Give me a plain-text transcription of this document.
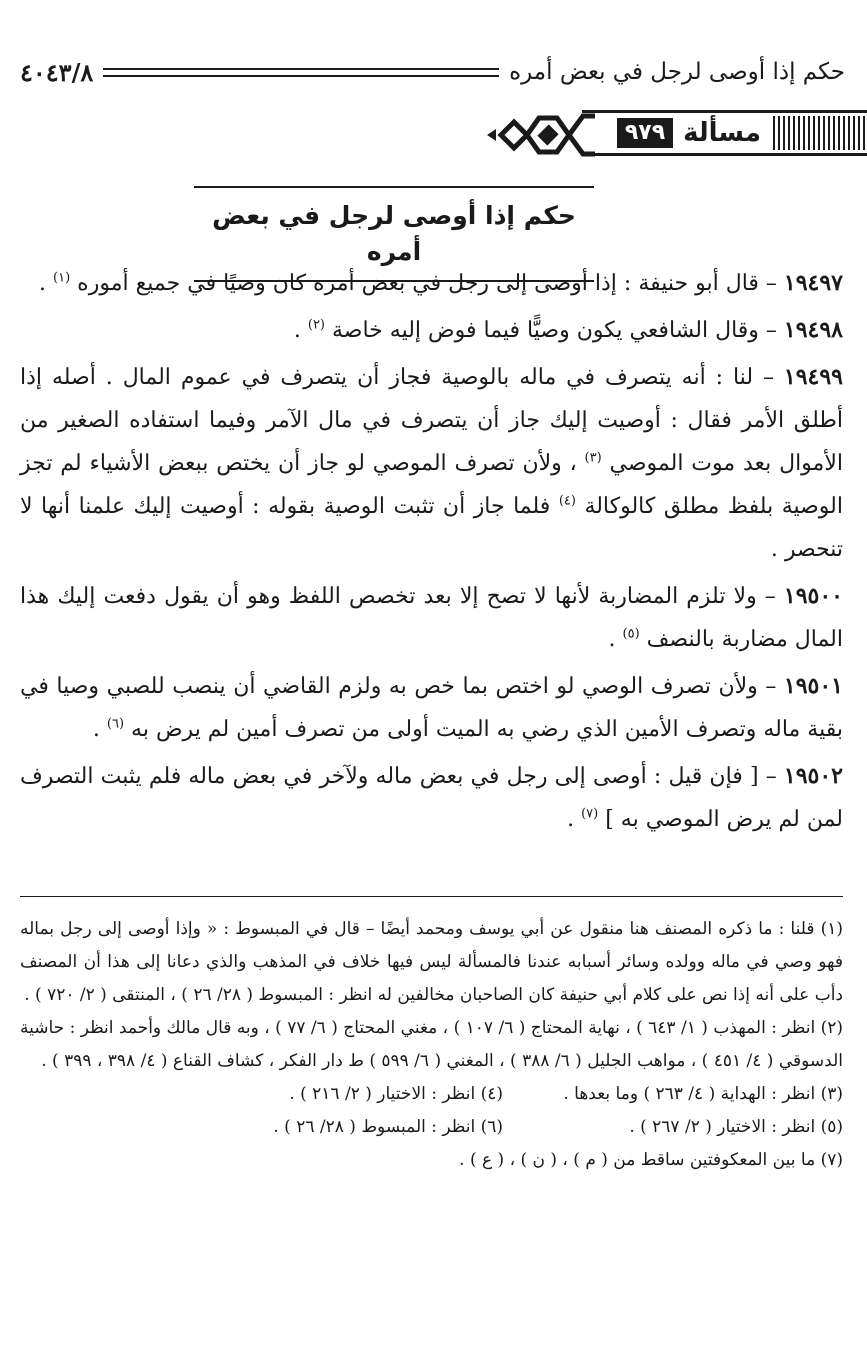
حكم إذا أوصى لرجل في بعض أمره
٤٠٤٣/٨
مسألة
٩٧٩
حكم إذا أوصى لرجل في بعض أمره

١٩٤٩٧ – قال أبو حنيفة : إذا أوصى إلى رجل في بعض أمره كان وصيًا في جميع أموره $^{(١)}$ .

١٩٤٩٨ – وقال الشافعي يكون وصيًّا فيما فوض إليه خاصة $^{(٢)}$ .

١٩٤٩٩ – لنا : أنه يتصرف في ماله بالوصية فجاز أن يتصرف في عموم المال . أصله إذا أطلق الأمر فقال : أوصيت إليك جاز أن يتصرف في مال الآمر وفيما استفاده الصغير من الأموال بعد موت الموصي $^{(٣)}$ ، ولأن تصرف الموصي لو جاز أن يختص ببعض الأشياء لم تجز الوصية بلفظ مطلق كالوكالة $^{(٤)}$ فلما جاز أن تثبت الوصية بقوله : أوصيت إليك علمنا أنها لا تنحصر .

١٩٥٠٠ – ولا تلزم المضاربة لأنها لا تصح إلا بعد تخصص اللفظ وهو أن يقول دفعت إليك هذا المال مضاربة بالنصف $^{(٥)}$ .

١٩٥٠١ – ولأن تصرف الوصي لو اختص بما خص به ولزم القاضي أن ينصب للصبي وصيا في بقية ماله وتصرف الأمين الذي رضي به الميت أولى من تصرف أمين لم يرض به $^{(٦)}$ .

١٩٥٠٢ – [ فإن قيل : أوصى إلى رجل في بعض ماله ولآخر في بعض ماله فلم يثبت التصرف لمن لم يرض الموصي به ] $^{(٧)}$ .

(١) قلنا : ما ذكره المصنف هنا منقول عن أبي يوسف ومحمد أيضًا – قال في المبسوط : « وإذا أوصى إلى رجل بماله فهو وصي في ماله وولده وسائر أسبابه عندنا فالمسألة ليس فيها خلاف في المذهب والذي دعانا إلى هذا أن المصنف دأب على أنه إذا نص على كلام أبي حنيفة كان الصاحبان مخالفين له انظر : المبسوط ( ٢٨/ ٢٦ ) ، المنتقى ( ٢/ ٧٢٠ ) .

(٢) انظر : المهذب ( ١/ ٦٤٣ ) ، نهاية المحتاج ( ٦/ ١٠٧ ) ، مغني المحتاج ( ٦/ ٧٧ ) ، وبه قال مالك وأحمد انظر : حاشية الدسوقي ( ٤/ ٤٥١ ) ، مواهب الجليل ( ٦/ ٣٨٨ ) ، المغني ( ٦/ ٥٩٩ ) ط دار الفكر ، كشاف القناع ( ٤/ ٣٩٨ ، ٣٩٩ ) .

(٣) انظر : الهداية ( ٤/ ٢٦٣ ) وما بعدها .
(٤) انظر : الاختيار ( ٢/ ٢١٦ ) .
(٥) انظر : الاختيار ( ٢/ ٢٦٧ ) .
(٦) انظر : المبسوط ( ٢٨/ ٢٦ ) .

(٧) ما بين المعكوفتين ساقط من ( م ) ، ( ن ) ، ( ع ) .
